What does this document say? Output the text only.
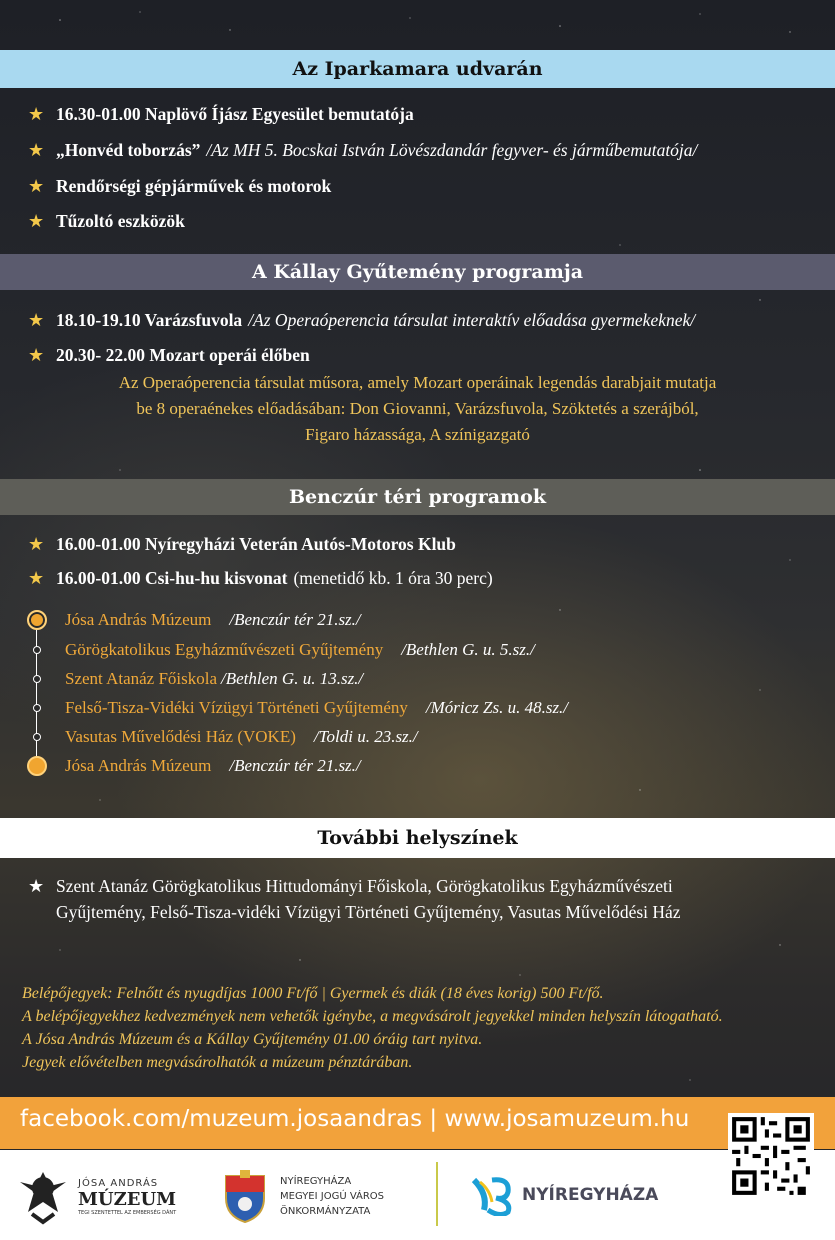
Az Iparkamara udvarán
★ 16.30-01.00 Naplövő Íjász Egyesület bemutatója
★ „Honvéd toborzás” /Az MH 5. Bocskai István Lövészdandár fegyver- és járműbemutatója/
★ Rendőrségi gépjárművek és motorok
★ Tűzoltó eszközök
A Kállay Gyűtemény programja
★ 18.10-19.10 Varázsfuvola /Az Operaóperencia társulat interaktív előadása gyermekeknek/
★ 20.30- 22.00 Mozart operái élőben
Az Operaóperencia társulat műsora, amely Mozart operáinak legendás darabjait mutatja
be 8 operaénekes előadásában: Don Giovanni, Varázsfuvola, Szöktetés a szerájból,
Figaro házassága, A színigazgató
Benczúr téri programok
★ 16.00-01.00 Nyíregyházi Veterán Autós-Motoros Klub
★ 16.00-01.00 Csi-hu-hu kisvonat (menetidő kb. 1 óra 30 perc)
Jósa András Múzeum /Benczúr tér 21.sz./
Görögkatolikus Egyházművészeti Gyűjtemény /Bethlen G. u. 5.sz./
Szent Atanáz Főiskola /Bethlen G. u. 13.sz./
Felső-Tisza-Vidéki Vízügyi Történeti Gyűjtemény /Móricz Zs. u. 48.sz./
Vasutas Művelődési Ház (VOKE) /Toldi u. 23.sz./
Jósa András Múzeum /Benczúr tér 21.sz./
További helyszínek
★ Szent Atanáz Görögkatolikus Hittudományi Főiskola, Görögkatolikus Egyházművészeti
Gyűjtemény, Felső-Tisza-vidéki Vízügyi Történeti Gyűjtemény, Vasutas Művelődési Ház
Belépőjegyek: Felnőtt és nyugdíjas 1000 Ft/fő | Gyermek és diák (18 éves korig) 500 Ft/fő.
A belépőjegyekhez kedvezmények nem vehetők igénybe, a megvásárolt jegyekkel minden helyszín látogatható.
A Jósa András Múzeum és a Kállay Gyűjtemény 01.00 óráig tart nyitva.
Jegyek elővételben megvásárolhatók a múzeum pénztárában.
facebook.com/muzeum.josaandras | www.josamuzeum.hu
JÓSA ANDRÁS
MÚZEUM
TEGI SZENTETTEL AZ EMBERSÉG DÁNT
NYÍREGYHÁZA
MEGYEI JOGÚ VÁROS
ÖNKORMÁNYZATA
NYÍREGYHÁZA
